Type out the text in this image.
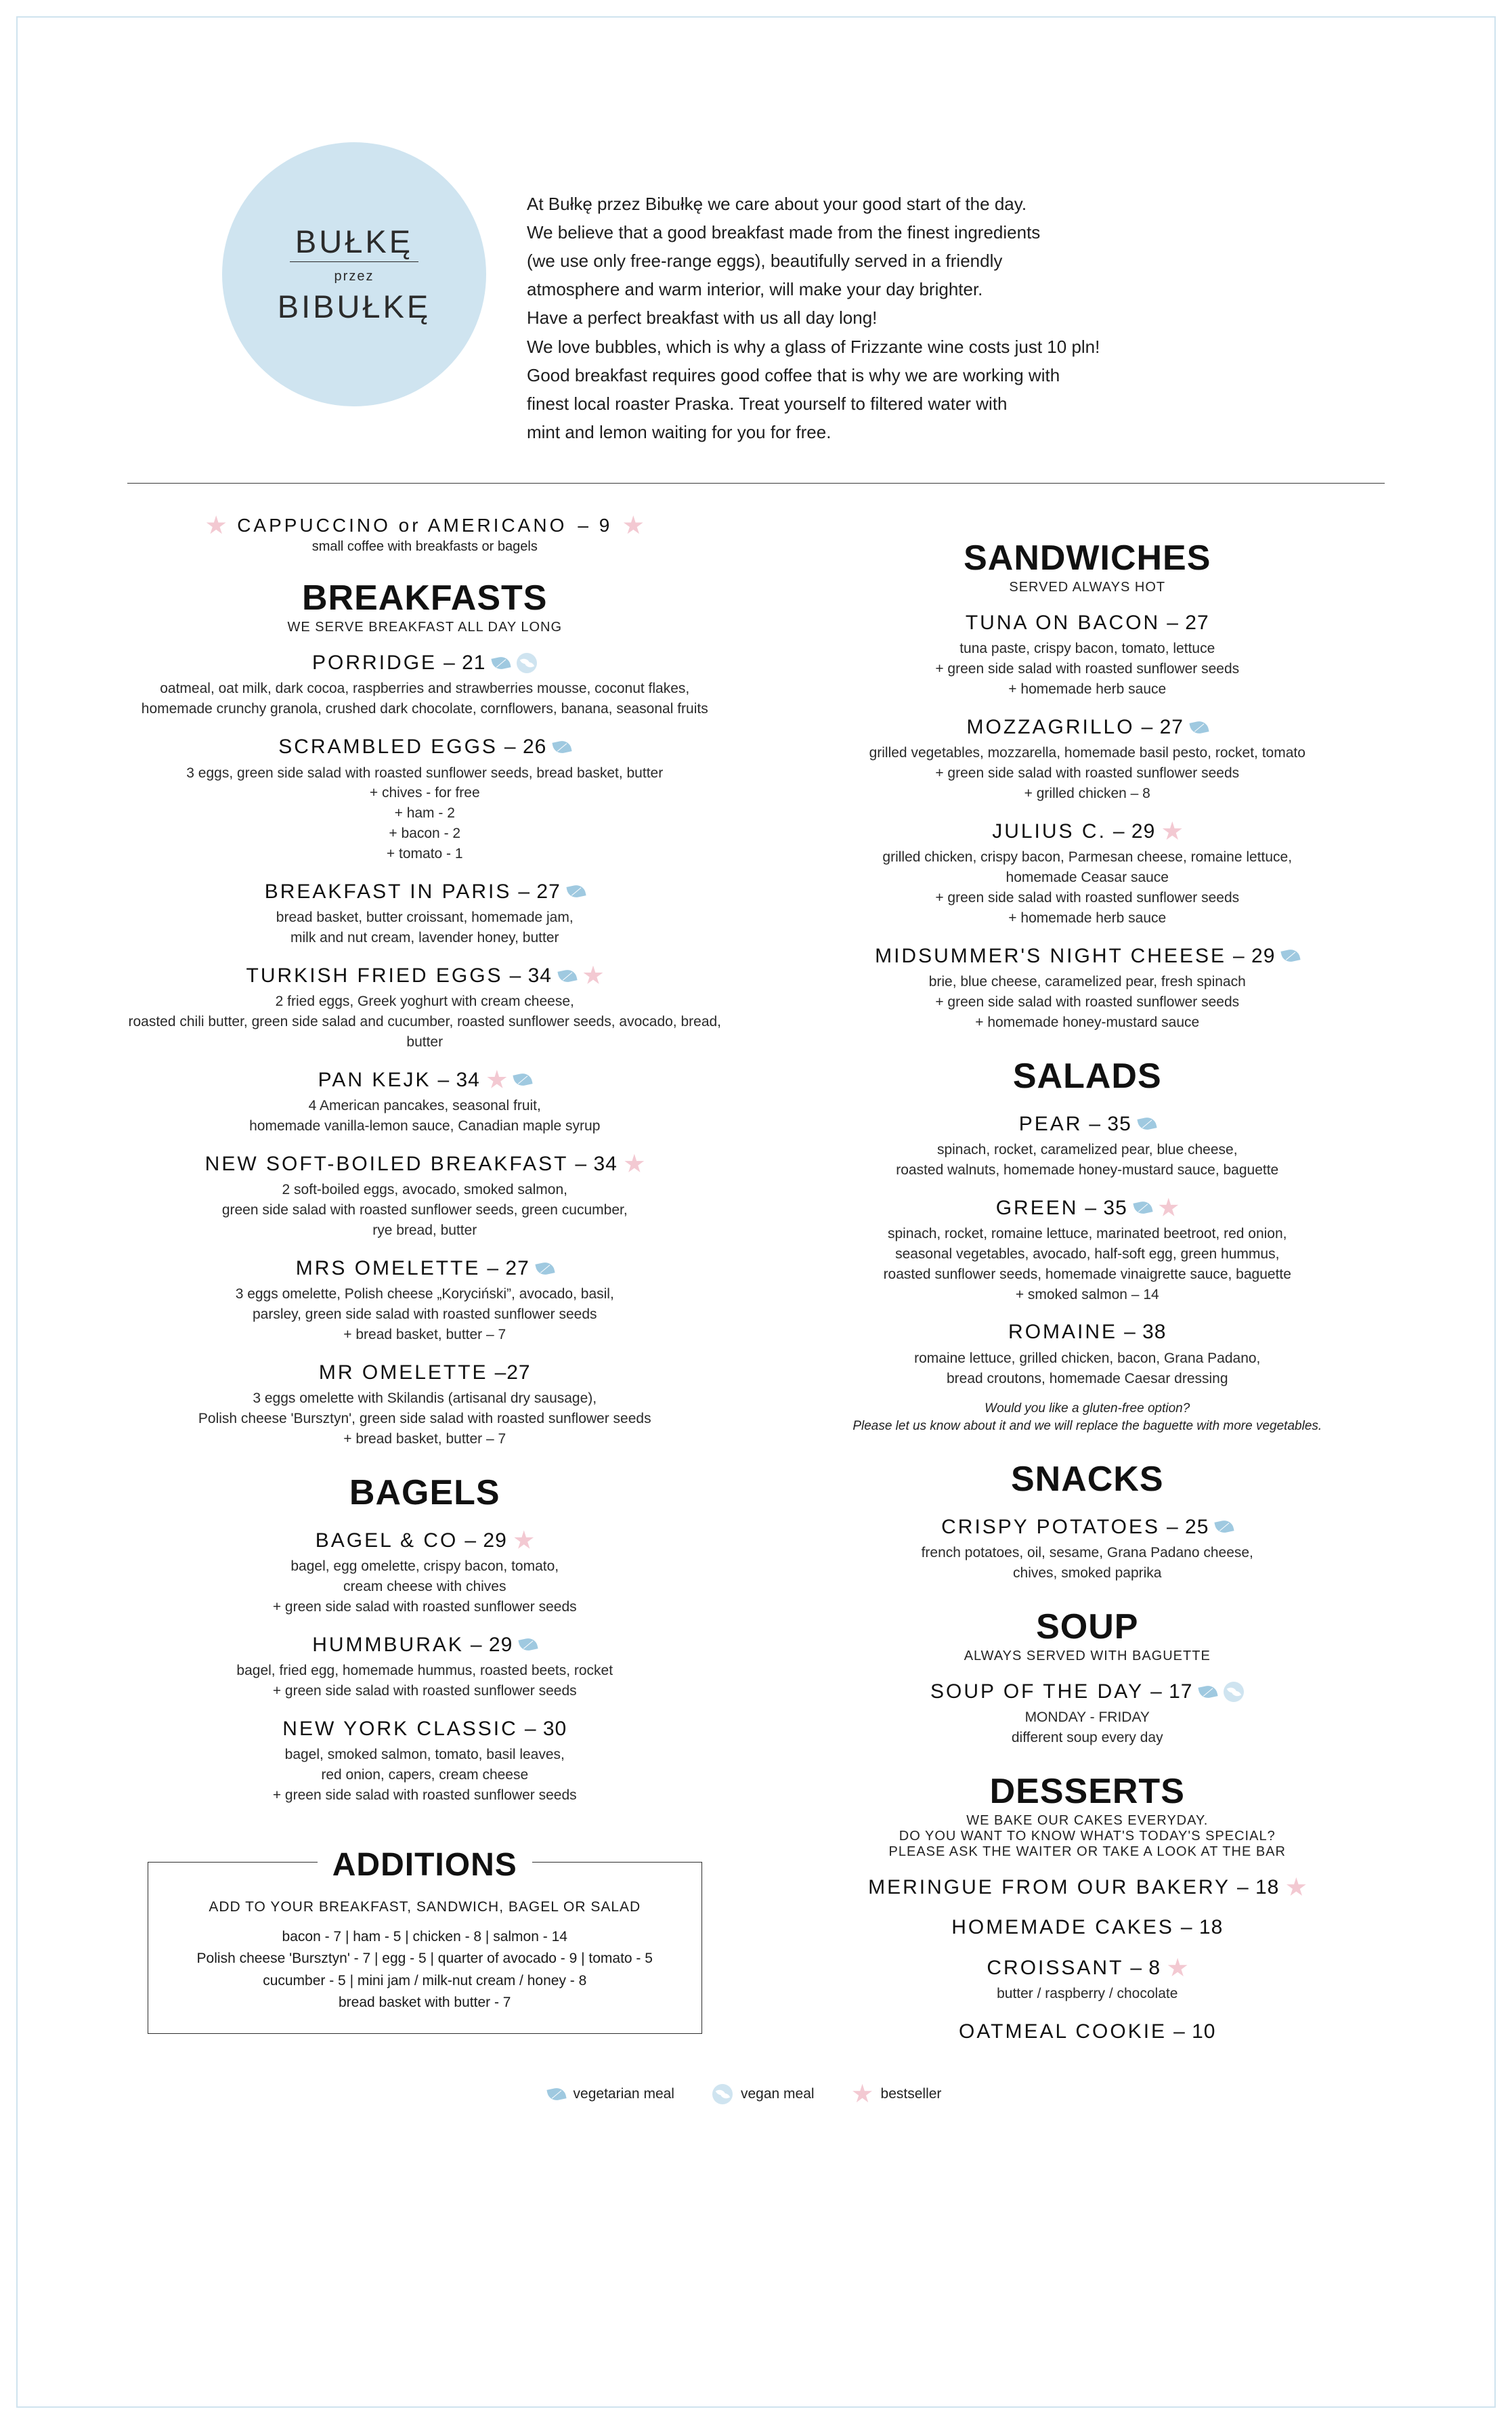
BUŁKĘ
przez
BIBUŁKĘ

At Bułkę przez Bibułkę we care about your good start of the day.

We believe that a good breakfast made from the finest ingredients

(we use only free-range eggs), beautifully served in a friendly

atmosphere and warm interior, will make your day brighter.

Have a perfect breakfast with us all day long!

We love bubbles, which is why a glass of Frizzante wine costs just 10 pln!

Good breakfast requires good coffee that is why we are working with

finest local roaster Praska. Treat yourself to filtered water with

mint and lemon waiting for you for free.

CAPPUCCINO or AMERICANO – 9
small coffee with breakfasts or bagels
BREAKFASTS
WE SERVE BREAKFAST ALL DAY LONG
PORRIDGE – 21
oatmeal, oat milk, dark cocoa, raspberries and strawberries mousse, coconut flakes, homemade crunchy granola, crushed dark chocolate, cornflowers, banana, seasonal fruits
SCRAMBLED EGGS – 26
3 eggs, green side salad with roasted sunflower seeds, bread basket, butter
+ chives - for free
+ ham - 2
+ bacon - 2
+ tomato - 1
BREAKFAST IN PARIS – 27
bread basket, butter croissant, homemade jam,
milk and nut cream, lavender honey, butter
TURKISH FRIED EGGS – 34
2 fried eggs, Greek yoghurt with cream cheese,
roasted chili butter, green side salad and cucumber, roasted sunflower seeds, avocado, bread, butter
PAN KEJK – 34
4 American pancakes, seasonal fruit,
homemade vanilla-lemon sauce, Canadian maple syrup
NEW SOFT-BOILED BREAKFAST – 34
2 soft-boiled eggs, avocado, smoked salmon,
green side salad with roasted sunflower seeds, green cucumber,
rye bread, butter
MRS OMELETTE – 27
3 eggs omelette, Polish cheese „Koryciński”, avocado, basil,
parsley, green side salad with roasted sunflower seeds
+ bread basket, butter – 7
MR OMELETTE –27
3 eggs omelette with Skilandis (artisanal dry sausage),
Polish cheese 'Bursztyn', green side salad with roasted sunflower seeds
+ bread basket, butter – 7
BAGELS
BAGEL & CO – 29
bagel, egg omelette, crispy bacon, tomato,
cream cheese with chives
+ green side salad with roasted sunflower seeds
HUMMBURAK – 29
bagel, fried egg, homemade hummus, roasted beets, rocket
+ green side salad with roasted sunflower seeds
NEW YORK CLASSIC – 30
bagel, smoked salmon, tomato, basil leaves,
red onion, capers, cream cheese
+ green side salad with roasted sunflower seeds
ADDITIONS
ADD TO YOUR BREAKFAST, SANDWICH, BAGEL OR SALAD
bacon - 7 | ham - 5 | chicken - 8 | salmon - 14
Polish cheese 'Bursztyn' - 7 | egg - 5 | quarter of avocado - 9 | tomato - 5
cucumber - 5 | mini jam / milk-nut cream / honey - 8
bread basket with butter - 7
SANDWICHES
SERVED ALWAYS HOT
TUNA ON BACON – 27
tuna paste, crispy bacon, tomato, lettuce
+ green side salad with roasted sunflower seeds
+ homemade herb sauce
MOZZAGRILLO – 27
grilled vegetables, mozzarella, homemade basil pesto, rocket, tomato
+ green side salad with roasted sunflower seeds
+ grilled chicken – 8
JULIUS C. – 29
grilled chicken, crispy bacon, Parmesan cheese, romaine lettuce,
homemade Ceasar sauce
+ green side salad with roasted sunflower seeds
+ homemade herb sauce
MIDSUMMER'S NIGHT CHEESE – 29
brie, blue cheese, caramelized pear, fresh spinach
+ green side salad with roasted sunflower seeds
+ homemade honey-mustard sauce
SALADS
PEAR – 35
spinach, rocket, caramelized pear, blue cheese,
roasted walnuts, homemade honey-mustard sauce, baguette
GREEN – 35
spinach, rocket, romaine lettuce, marinated beetroot, red onion,
seasonal vegetables, avocado, half-soft egg, green hummus,
roasted sunflower seeds, homemade vinaigrette sauce, baguette
+ smoked salmon – 14
ROMAINE – 38
romaine lettuce, grilled chicken, bacon, Grana Padano,
bread croutons, homemade Caesar dressing
Would you like a gluten-free option?
Please let us know about it and we will replace the baguette with more vegetables.
SNACKS
CRISPY POTATOES – 25
french potatoes, oil, sesame, Grana Padano cheese,
chives, smoked paprika
SOUP
ALWAYS SERVED WITH BAGUETTE
SOUP OF THE DAY – 17
MONDAY - FRIDAY
different soup every day
DESSERTS
WE BAKE OUR CAKES EVERYDAY.
DO YOU WANT TO KNOW WHAT'S TODAY'S SPECIAL?
PLEASE ASK THE WAITER OR TAKE A LOOK AT THE BAR
MERINGUE FROM OUR BAKERY – 18
HOMEMADE CAKES – 18
CROISSANT – 8
butter / raspberry / chocolate
OATMEAL COOKIE – 10
vegetarian meal	vegan meal	bestseller
